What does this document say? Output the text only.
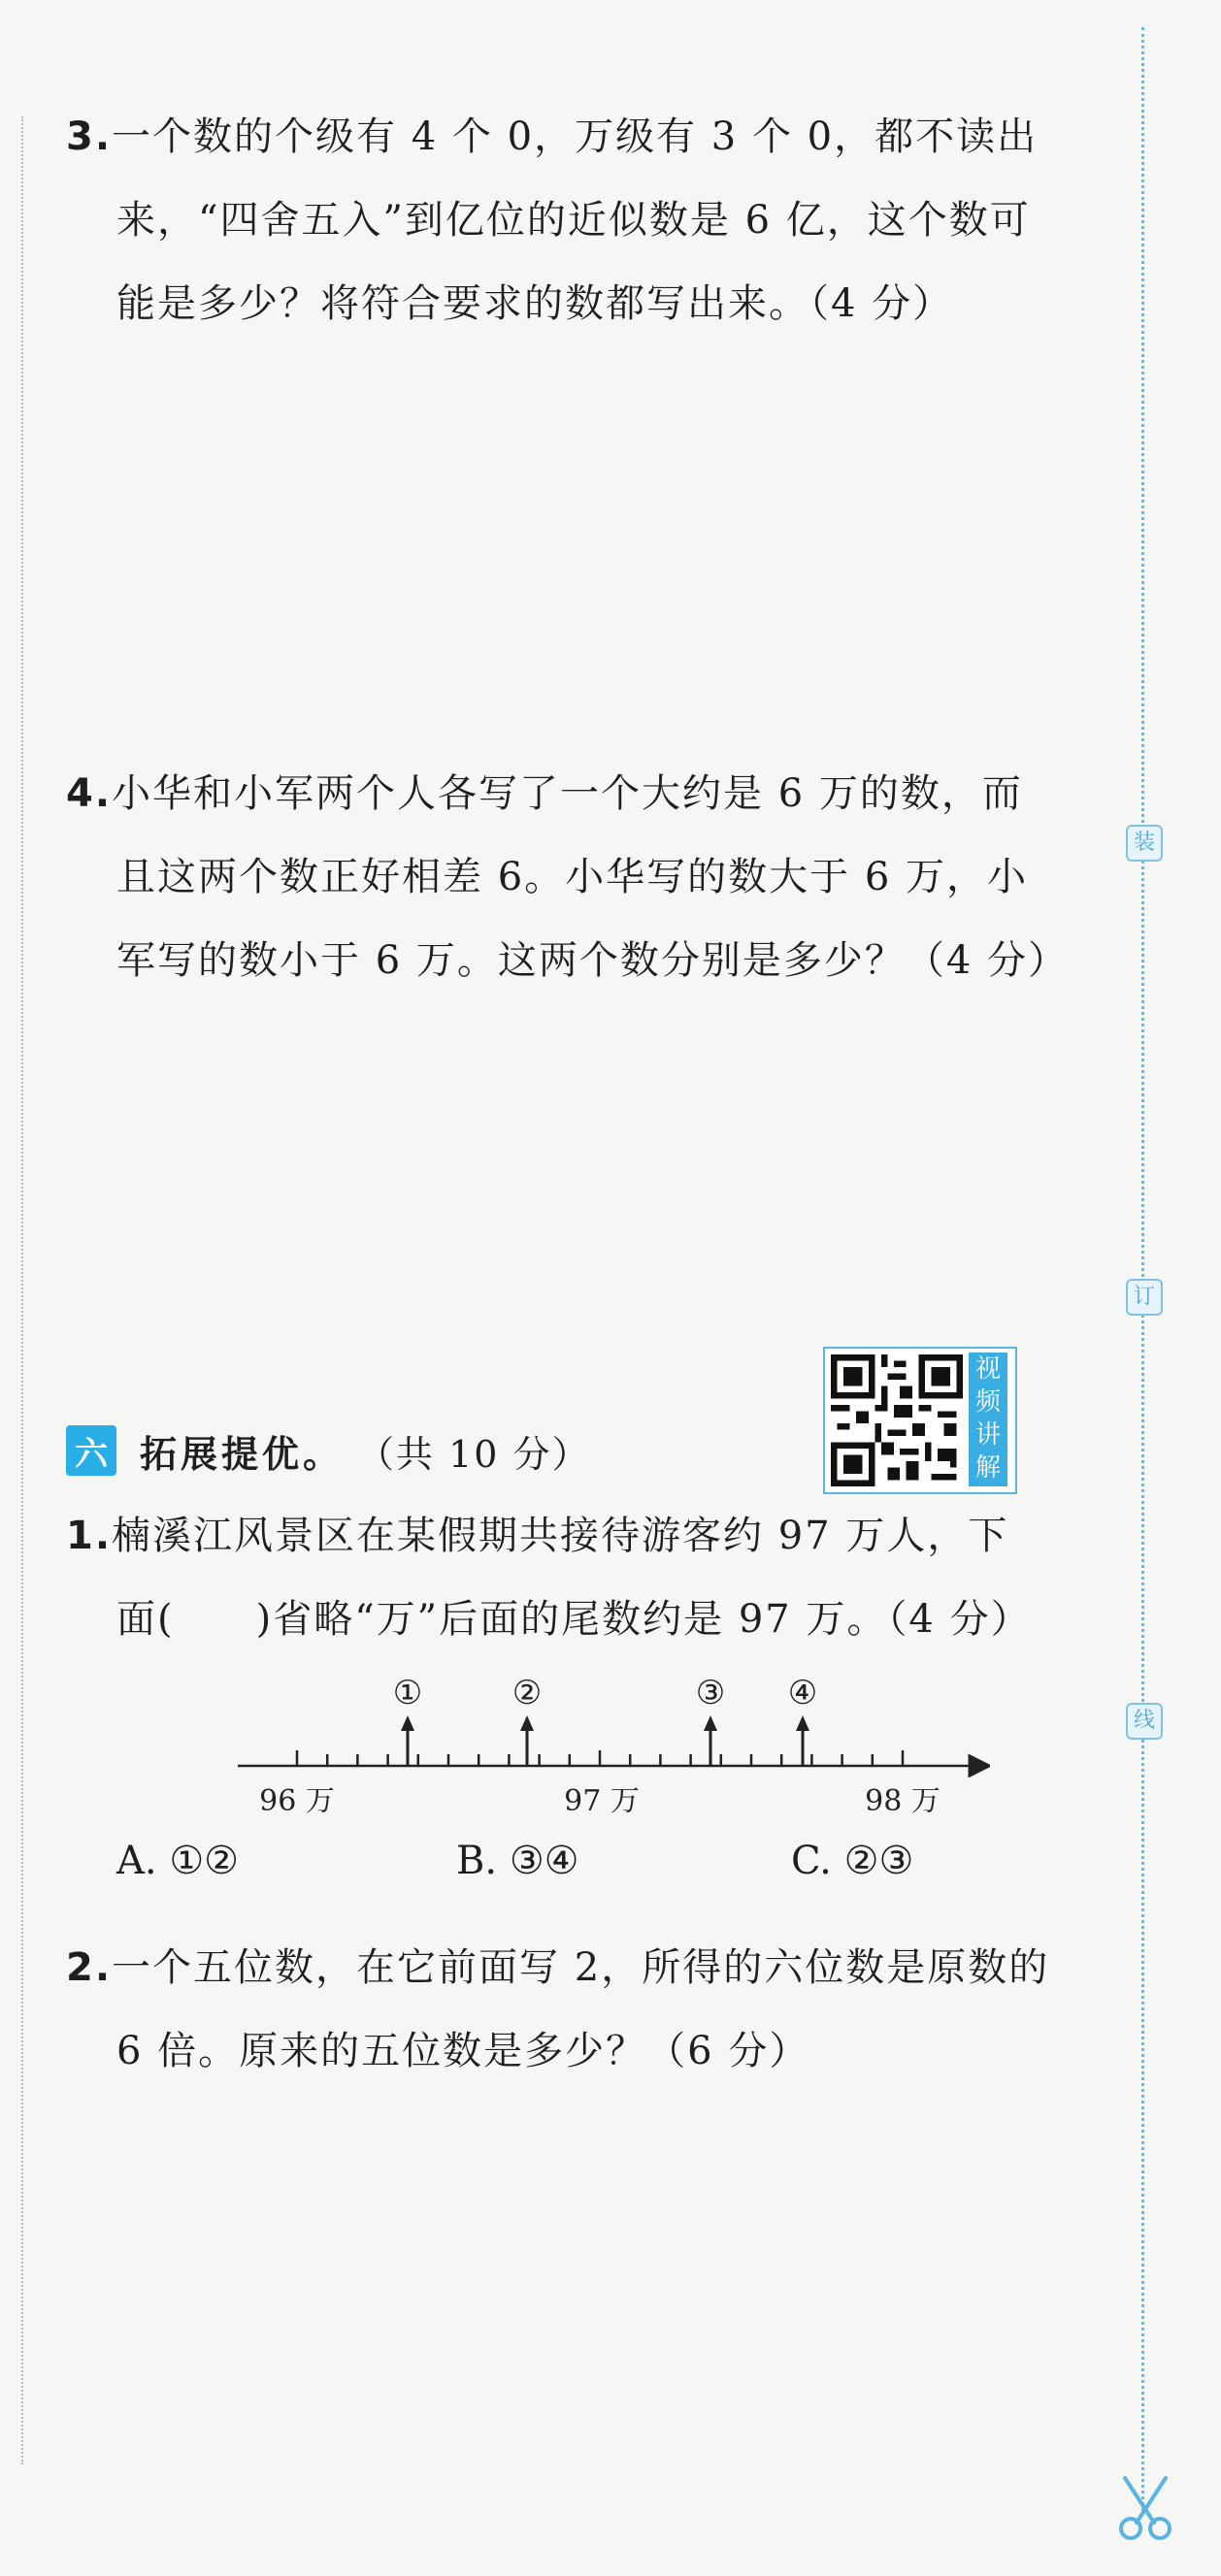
装
订
线
3.一个数的个级有 4 个 0，万级有 3 个 0，都不读出
来，“四舍五入”到亿位的近似数是 6 亿，这个数可
能是多少？将符合要求的数都写出来。（4 分）
4.小华和小军两个人各写了一个大约是 6 万的数，而
且这两个数正好相差 6。小华写的数大于 6 万，小
军写的数小于 6 万。这两个数分别是多少？（4 分）
视
频
讲
解
六 拓展提优。 （共 10 分）
1.楠溪江风景区在某假期共接待游客约 97 万人，下
面(　　)省略“万”后面的尾数约是 97 万。（4 分）
96 万	97 万	98 万
①	②	③ ④
A. ①②	B. ③④	C. ②③
2.一个五位数，在它前面写 2，所得的六位数是原数的
6 倍。原来的五位数是多少？（6 分）
